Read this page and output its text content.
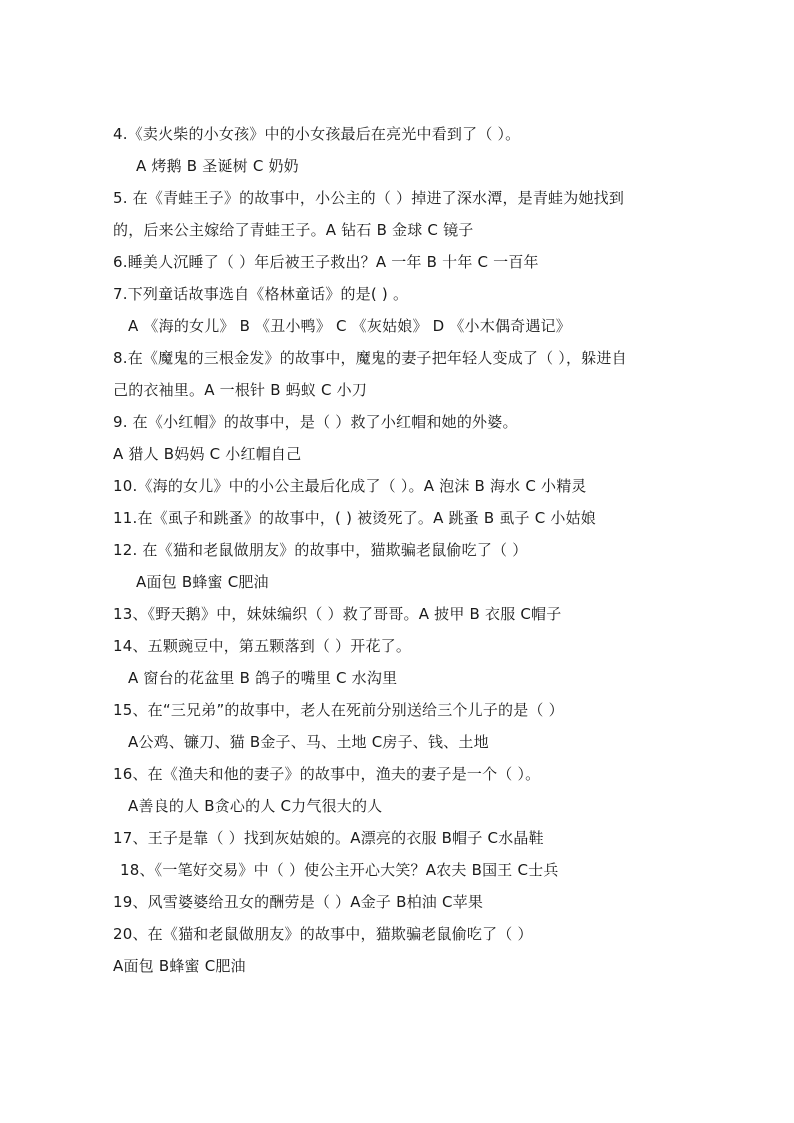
4.《卖火柴的小女孩》中的小女孩最后在亮光中看到了（ ）。
A 烤鹅 B 圣诞树 C 奶奶
5. 在《青蛙王子》的故事中，小公主的（ ）掉进了深水潭，是青蛙为她找到
的，后来公主嫁给了青蛙王子。A 钻石 B 金球 C 镜子
6.睡美人沉睡了（ ）年后被王子救出？A 一年 B 十年 C 一百年
7.下列童话故事选自《格林童话》的是( ) 。
A 《海的女儿》 B 《丑小鸭》 C 《灰姑娘》 D 《小木偶奇遇记》
8.在《魔鬼的三根金发》的故事中，魔鬼的妻子把年轻人变成了（ ），躲进自
己的衣袖里。A 一根针 B 蚂蚁 C 小刀
9. 在《小红帽》的故事中，是（ ）救了小红帽和她的外婆。
A 猎人 B妈妈 C 小红帽自己
10.《海的女儿》中的小公主最后化成了（ ）。A 泡沫 B 海水 C 小精灵
11.在《虱子和跳蚤》的故事中，( ) 被烫死了。A 跳蚤 B 虱子 C 小姑娘
12. 在《猫和老鼠做朋友》的故事中，猫欺骗老鼠偷吃了（ ）
A面包 B蜂蜜 C肥油
13、《野天鹅》中，妹妹编织（ ）救了哥哥。A 披甲 B 衣服 C帽子
14、五颗豌豆中，第五颗落到（ ）开花了。
A 窗台的花盆里 B 鸽子的嘴里 C 水沟里
15、在“三兄弟”的故事中，老人在死前分别送给三个儿子的是（ ）
A公鸡、镰刀、猫 B金子、马、土地 C房子、钱、土地
16、在《渔夫和他的妻子》的故事中，渔夫的妻子是一个（ ）。
A善良的人 B贪心的人 C力气很大的人
17、王子是靠（ ）找到灰姑娘的。A漂亮的衣服 B帽子 C水晶鞋
18、《一笔好交易》中（ ）使公主开心大笑？A农夫 B国王 C士兵
19、风雪婆婆给丑女的酬劳是（ ）A金子 B柏油 C苹果
20、在《猫和老鼠做朋友》的故事中，猫欺骗老鼠偷吃了（ ）
A面包 B蜂蜜 C肥油
